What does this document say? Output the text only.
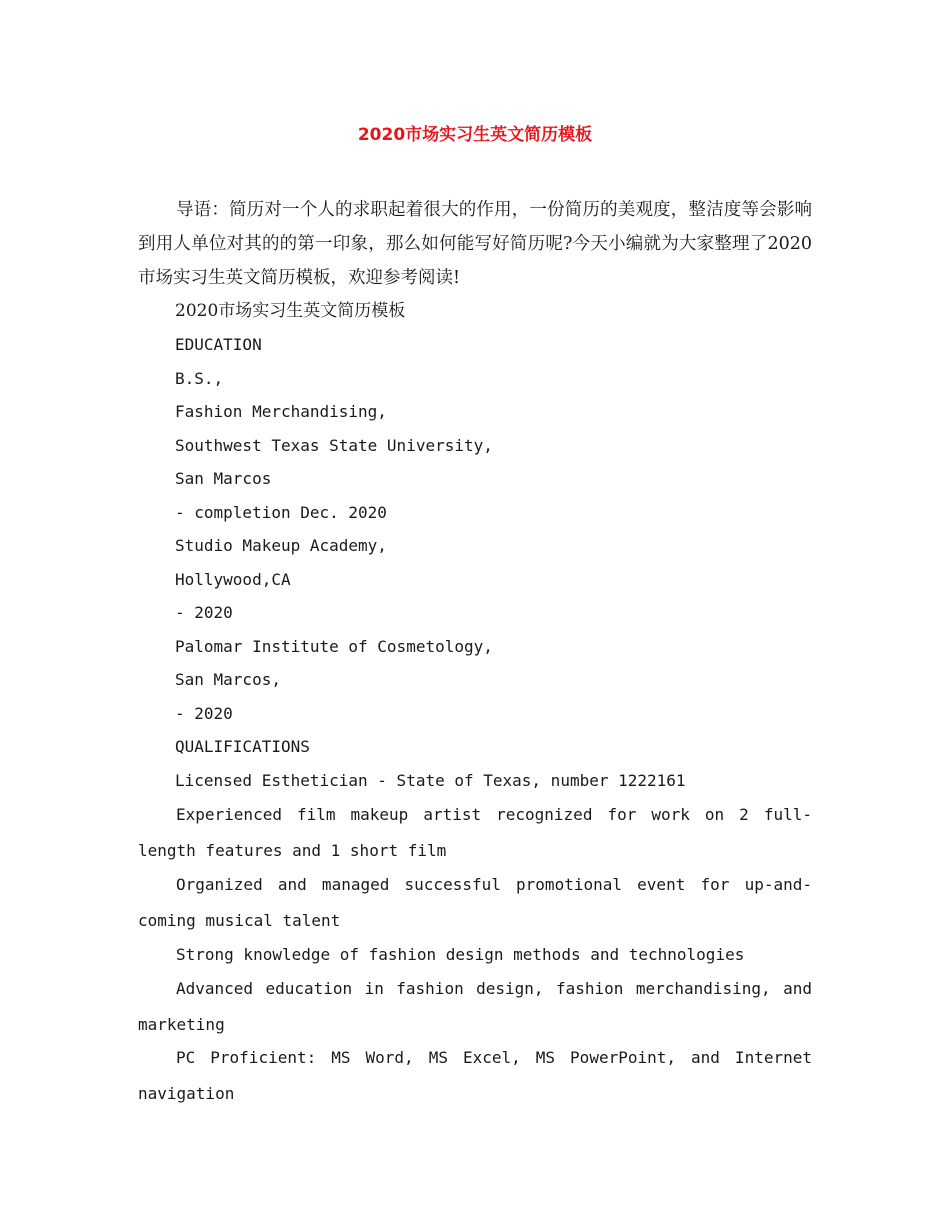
2020市场实习生英文简历模板
导语：简历对一个人的求职起着很大的作用，一份简历的美观度，整洁度等会影响到用人单位对其的的第一印象，那么如何能写好简历呢?今天小编就为大家整理了2020市场实习生英文简历模板，欢迎参考阅读!
2020市场实习生英文简历模板
EDUCATION
B.S.,
Fashion Merchandising,
Southwest Texas State University,
San Marcos
- completion Dec. 2020
Studio Makeup Academy,
Hollywood,CA
- 2020
Palomar Institute of Cosmetology,
San Marcos,
- 2020
QUALIFICATIONS
Licensed Esthetician - State of Texas, number 1222161
Experienced film makeup artist recognized for work on 2 full-length features and 1 short film
Organized and managed successful promotional event for up-and-coming musical talent
Strong knowledge of fashion design methods and technologies
Advanced education in fashion design, fashion merchandising, and marketing
PC Proficient: MS Word, MS Excel, MS PowerPoint, and Internet navigation
